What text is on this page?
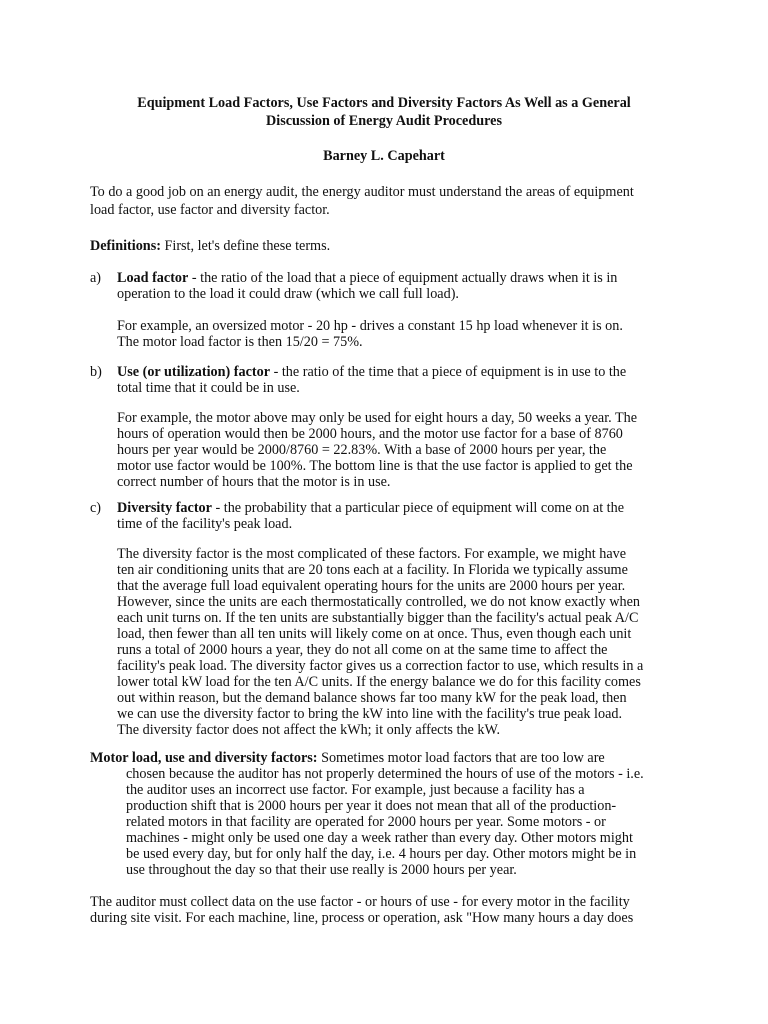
Equipment Load Factors, Use Factors and Diversity Factors As Well as a General
Discussion of Energy Audit Procedures
Barney L. Capehart
To do a good job on an energy audit, the energy auditor must understand the areas of equipment
load factor, use factor and diversity factor.
Definitions: First, let's define these terms.
a) Load factor - the ratio of the load that a piece of equipment actually draws when it is in
operation to the load it could draw (which we call full load).
For example, an oversized motor - 20 hp - drives a constant 15 hp load whenever it is on.
The motor load factor is then 15/20 = 75%.
b) Use (or utilization) factor - the ratio of the time that a piece of equipment is in use to the
total time that it could be in use.
For example, the motor above may only be used for eight hours a day, 50 weeks a year. The
hours of operation would then be 2000 hours, and the motor use factor for a base of 8760
hours per year would be 2000/8760 = 22.83%. With a base of 2000 hours per year, the
motor use factor would be 100%. The bottom line is that the use factor is applied to get the
correct number of hours that the motor is in use.
c) Diversity factor - the probability that a particular piece of equipment will come on at the
time of the facility's peak load.
The diversity factor is the most complicated of these factors. For example, we might have
ten air conditioning units that are 20 tons each at a facility. In Florida we typically assume
that the average full load equivalent operating hours for the units are 2000 hours per year.
However, since the units are each thermostatically controlled, we do not know exactly when
each unit turns on. If the ten units are substantially bigger than the facility's actual peak A/C
load, then fewer than all ten units will likely come on at once. Thus, even though each unit
runs a total of 2000 hours a year, they do not all come on at the same time to affect the
facility's peak load. The diversity factor gives us a correction factor to use, which results in a
lower total kW load for the ten A/C units. If the energy balance we do for this facility comes
out within reason, but the demand balance shows far too many kW for the peak load, then
we can use the diversity factor to bring the kW into line with the facility's true peak load.
The diversity factor does not affect the kWh; it only affects the kW.
Motor load, use and diversity factors: Sometimes motor load factors that are too low are
chosen because the auditor has not properly determined the hours of use of the motors - i.e.
the auditor uses an incorrect use factor. For example, just because a facility has a
production shift that is 2000 hours per year it does not mean that all of the production-
related motors in that facility are operated for 2000 hours per year. Some motors - or
machines - might only be used one day a week rather than every day. Other motors might
be used every day, but for only half the day, i.e. 4 hours per day. Other motors might be in
use throughout the day so that their use really is 2000 hours per year.
The auditor must collect data on the use factor - or hours of use - for every motor in the facility
during site visit. For each machine, line, process or operation, ask "How many hours a day does
